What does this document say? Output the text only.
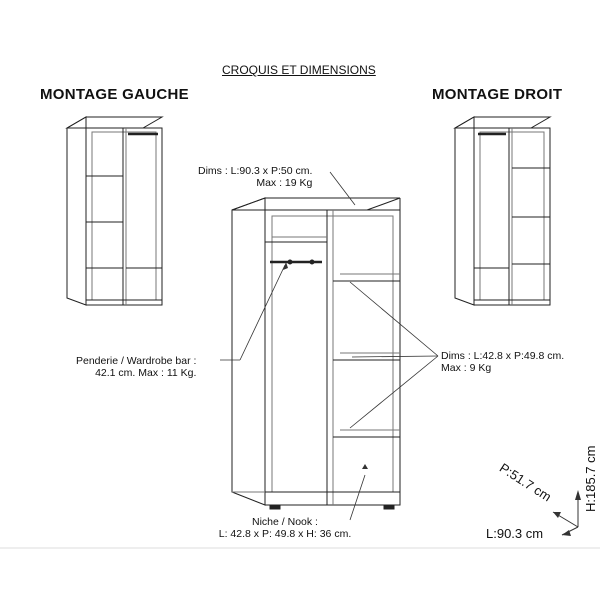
CROQUIS ET DIMENSIONS
MONTAGE GAUCHE	MONTAGE DROIT
Dims : L:90.3 x P:50 cm.
Max : 19 Kg
Penderie / Wardrobe bar :
42.1 cm. Max : 11 Kg.
Dims : L:42.8 x P:49.8 cm.
Max : 9 Kg
Niche / Nook :
L: 42.8 x P: 49.8 x H: 36 cm.
H:185.7 cm
P:51.7 cm
L:90.3 cm
